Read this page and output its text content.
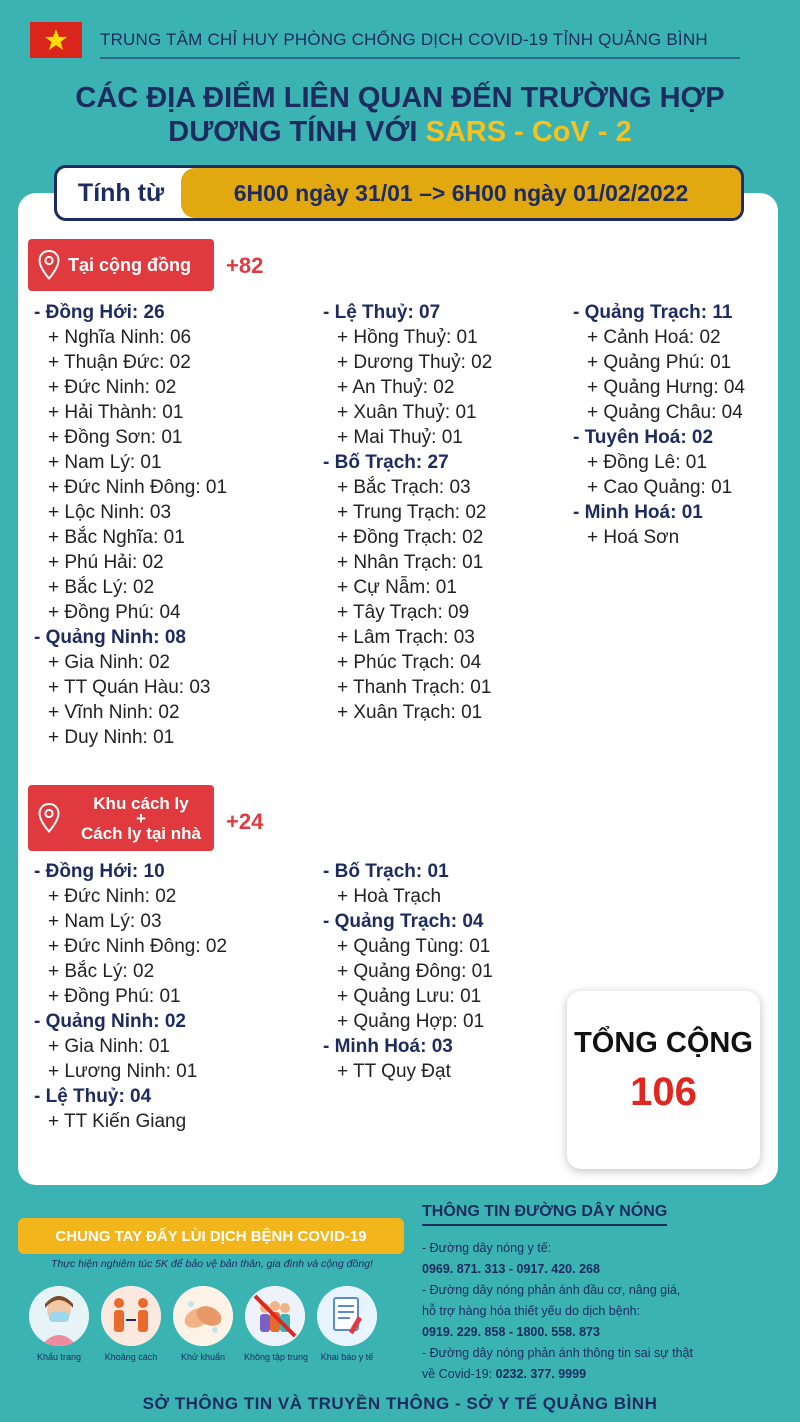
TRUNG TÂM CHỈ HUY PHÒNG CHỐNG DỊCH COVID-19 TỈNH QUẢNG BÌNH
CÁC ĐỊA ĐIỂM LIÊN QUAN ĐẾN TRƯỜNG HỢP
DƯƠNG TÍNH VỚI SARS - CoV - 2
Tính từ	6H00 ngày 31/01 –> 6H00 ngày 01/02/2022
Tại cộng đồng +82
- Đồng Hới: 26
+ Nghĩa Ninh: 06
+ Thuận Đức: 02
+ Đức Ninh: 02
+ Hải Thành: 01
+ Đồng Sơn: 01
+ Nam Lý: 01
+ Đức Ninh Đông: 01
+ Lộc Ninh: 03
+ Bắc Nghĩa: 01
+ Phú Hải: 02
+ Bắc Lý: 02
+ Đồng Phú: 04
- Quảng Ninh: 08
+ Gia Ninh: 02
+ TT Quán Hàu: 03
+ Vĩnh Ninh: 02
+ Duy Ninh: 01
- Lệ Thuỷ: 07
+ Hồng Thuỷ: 01
+ Dương Thuỷ: 02
+ An Thuỷ: 02
+ Xuân Thuỷ: 01
+ Mai Thuỷ: 01
- Bố Trạch: 27
+ Bắc Trạch: 03
+ Trung Trạch: 02
+ Đồng Trạch: 02
+ Nhân Trạch: 01
+ Cự Nẫm: 01
+ Tây Trạch: 09
+ Lâm Trạch: 03
+ Phúc Trạch: 04
+ Thanh Trạch: 01
+ Xuân Trạch: 01
- Quảng Trạch: 11
+ Cảnh Hoá: 02
+ Quảng Phú: 01
+ Quảng Hưng: 04
+ Quảng Châu: 04
- Tuyên Hoá: 02
+ Đồng Lê: 01
+ Cao Quảng: 01
- Minh Hoá: 01
+ Hoá Sơn
Khu cách ly
+
Cách ly tại nhà	+24
- Đồng Hới: 10
+ Đức Ninh: 02
+ Nam Lý: 03
+ Đức Ninh Đông: 02
+ Bắc Lý: 02
+ Đồng Phú: 01
- Quảng Ninh: 02
+ Gia Ninh: 01
+ Lương Ninh: 01
- Lệ Thuỷ: 04
+ TT Kiến Giang
- Bố Trạch: 01
+ Hoà Trạch
- Quảng Trạch: 04
+ Quảng Tùng: 01
+ Quảng Đông: 01
+ Quảng Lưu: 01
+ Quảng Hợp: 01
- Minh Hoá: 03
+ TT Quy Đạt
TỔNG CỘNG
106
CHUNG TAY ĐẨY LÙI DỊCH BỆNH COVID-19
Thực hiện nghiêm túc 5K để bảo vệ bản thân, gia đình và cộng đồng!
Khẩu trang	Khoảng cách	Khử khuẩn	Không tập trung	Khai báo y tế
THÔNG TIN ĐƯỜNG DÂY NÓNG
- Đường dây nóng y tế:
0969. 871. 313 - 0917. 420. 268
- Đường dây nóng phản ánh đầu cơ, nâng giá,
hỗ trợ hàng hóa thiết yếu do dịch bệnh:
0919. 229. 858 - 1800. 558. 873
- Đường dây nóng phản ánh thông tin sai sự thật
về Covid-19: 0232. 377. 9999
SỞ THÔNG TIN VÀ TRUYỀN THÔNG - SỞ Y TẾ QUẢNG BÌNH
